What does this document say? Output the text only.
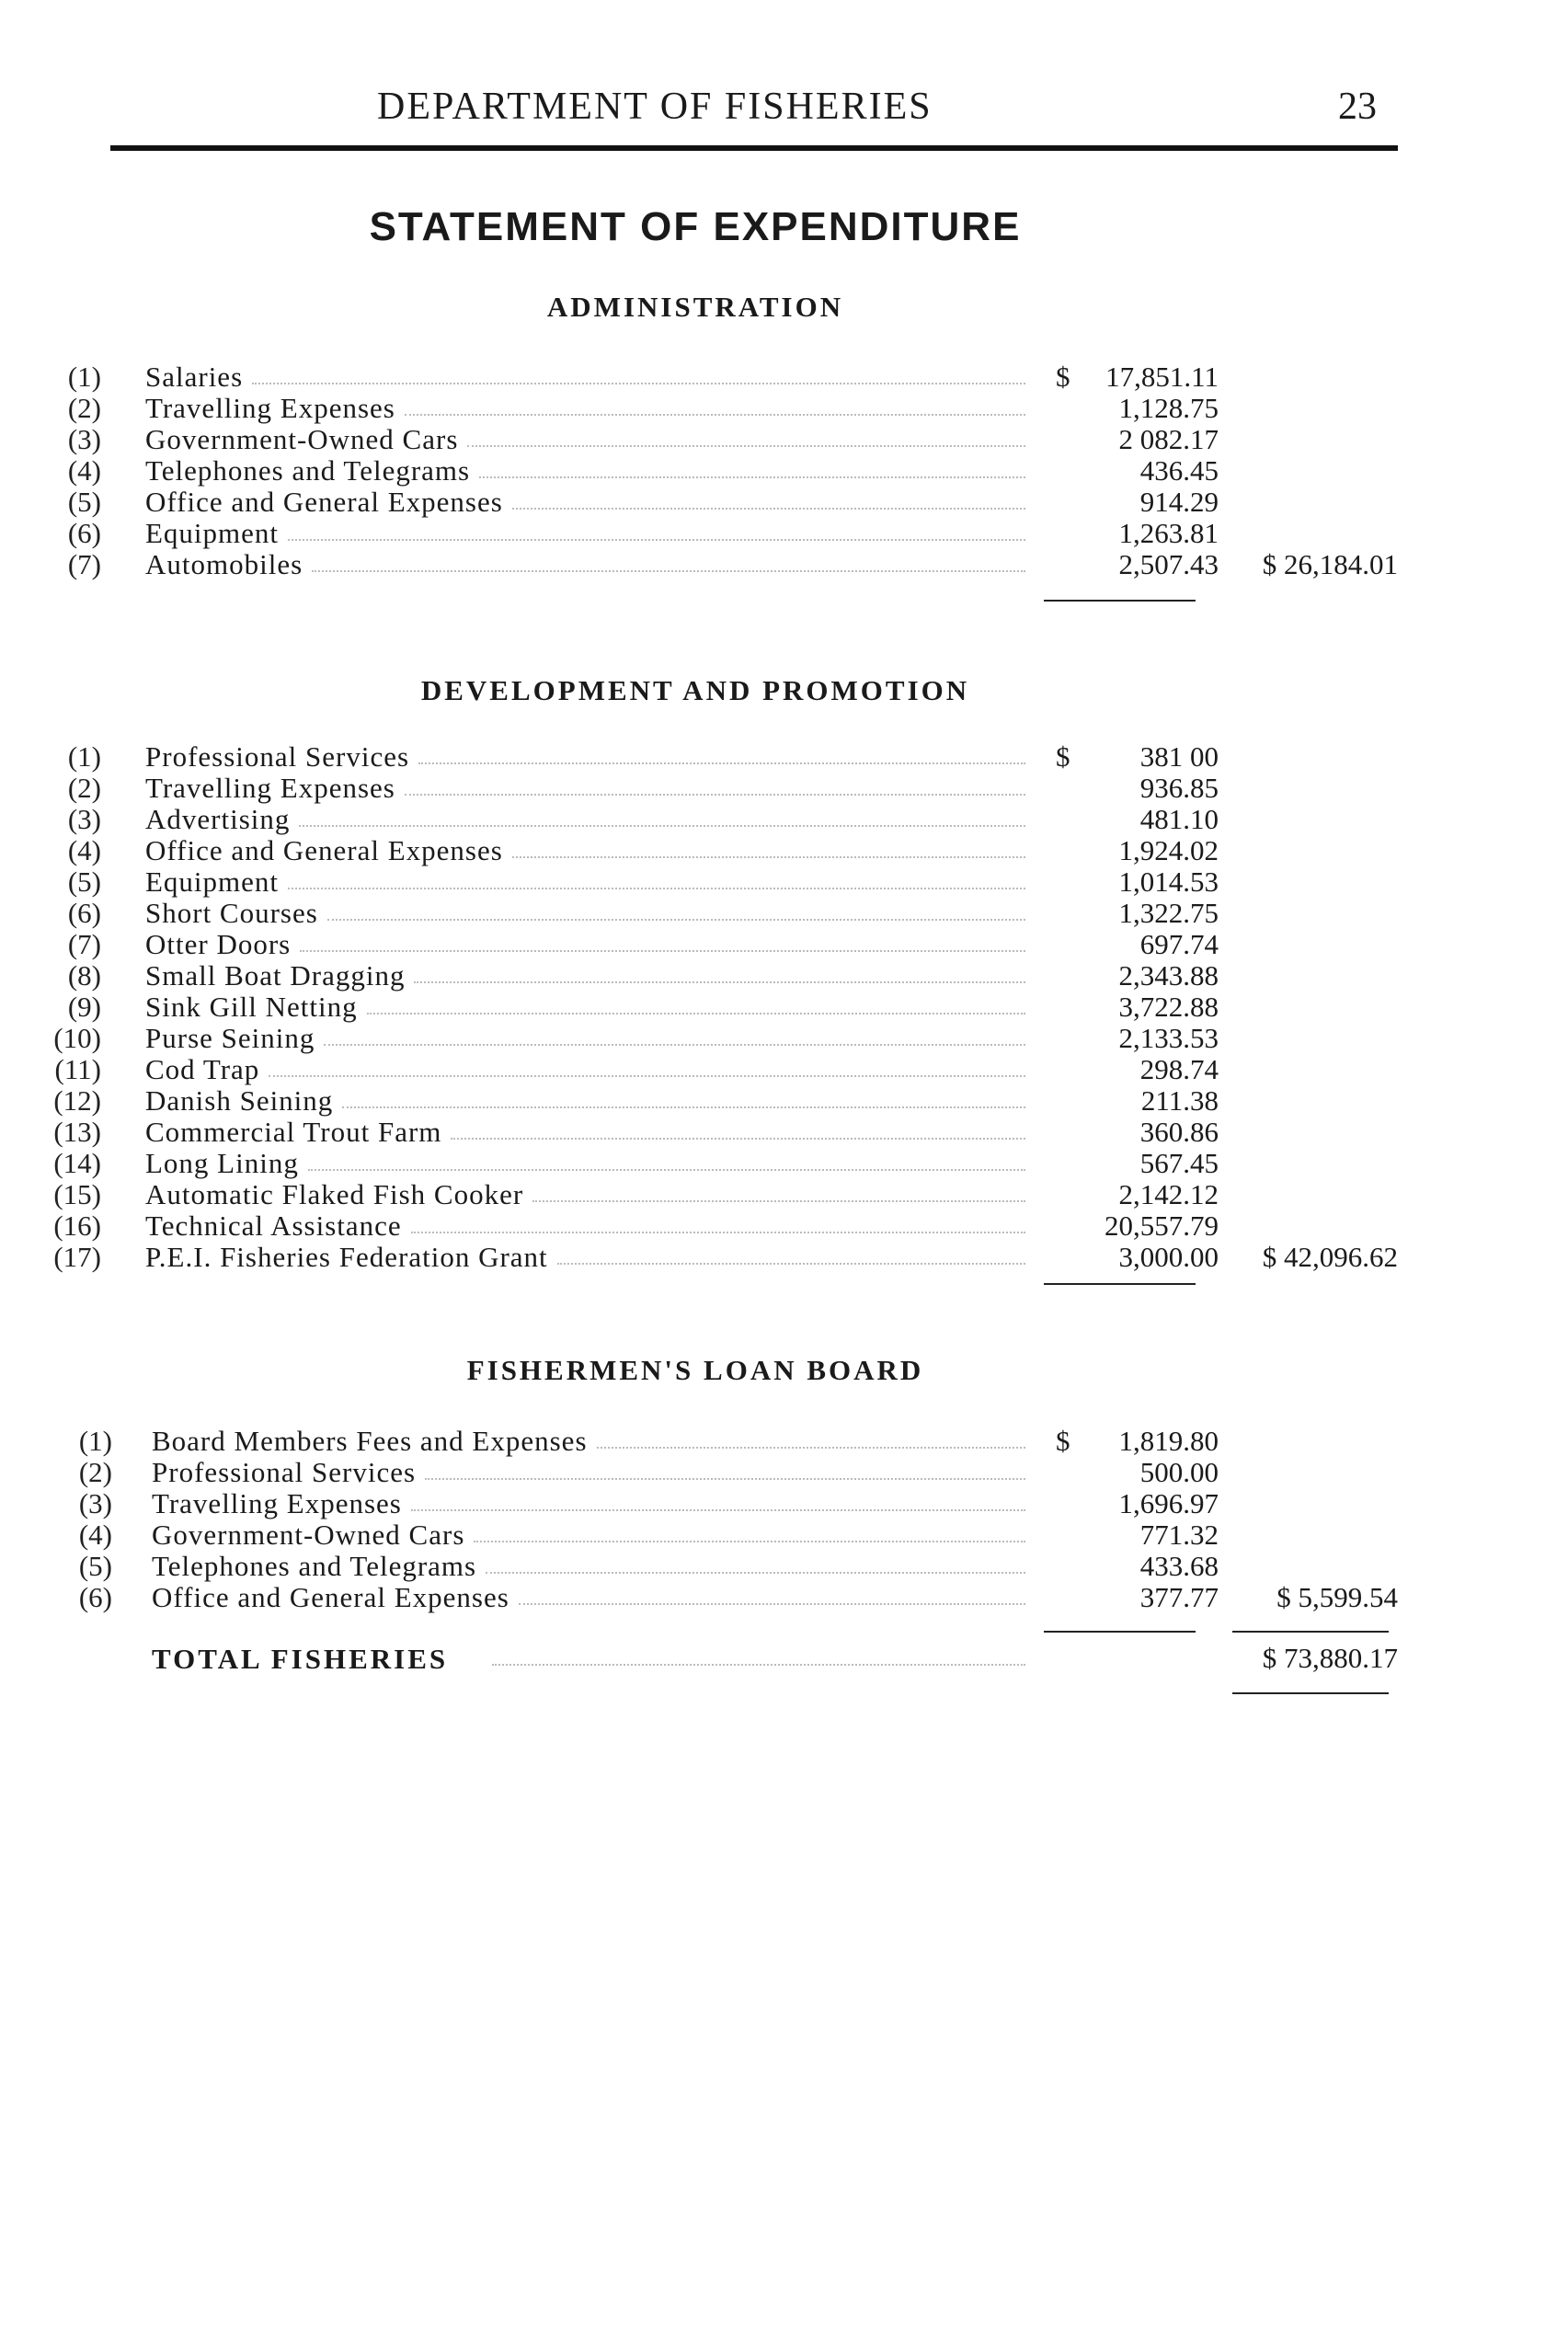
DEPARTMENT OF FISHERIES	23
STATEMENT OF EXPENDITURE
ADMINISTRATION
(1) Salaries	$ 17,851.11
(2) Travelling Expenses	1,128.75
(3) Government-Owned Cars	2 082.17
(4) Telephones and Telegrams	436.45
(5) Office and General Expenses	914.29
(6) Equipment	1,263.81
(7) Automobiles	2,507.43 $ 26,184.01
DEVELOPMENT AND PROMOTION
(1) Professional Services	$ 381 00
(2) Travelling Expenses	936.85
(3) Advertising	481.10
(4) Office and General Expenses	1,924.02
(5) Equipment	1,014.53
(6) Short Courses	1,322.75
(7) Otter Doors	697.74
(8) Small Boat Dragging	2,343.88
(9) Sink Gill Netting	3,722.88
(10) Purse Seining	2,133.53
(11) Cod Trap	298.74
(12) Danish Seining	211.38
(13) Commercial Trout Farm	360.86
(14) Long Lining	567.45
(15) Automatic Flaked Fish Cooker	2,142.12
(16) Technical Assistance	20,557.79
(17) P.E.I. Fisheries Federation Grant	3,000.00 $ 42,096.62
FISHERMEN'S LOAN BOARD
(1) Board Members Fees and Expenses	$ 1,819.80
(2) Professional Services	500.00
(3) Travelling Expenses	1,696.97
(4) Government-Owned Cars	771.32
(5) Telephones and Telegrams	433.68
(6) Office and General Expenses	377.77 $ 5,599.54
TOTAL FISHERIES	$ 73,880.17
